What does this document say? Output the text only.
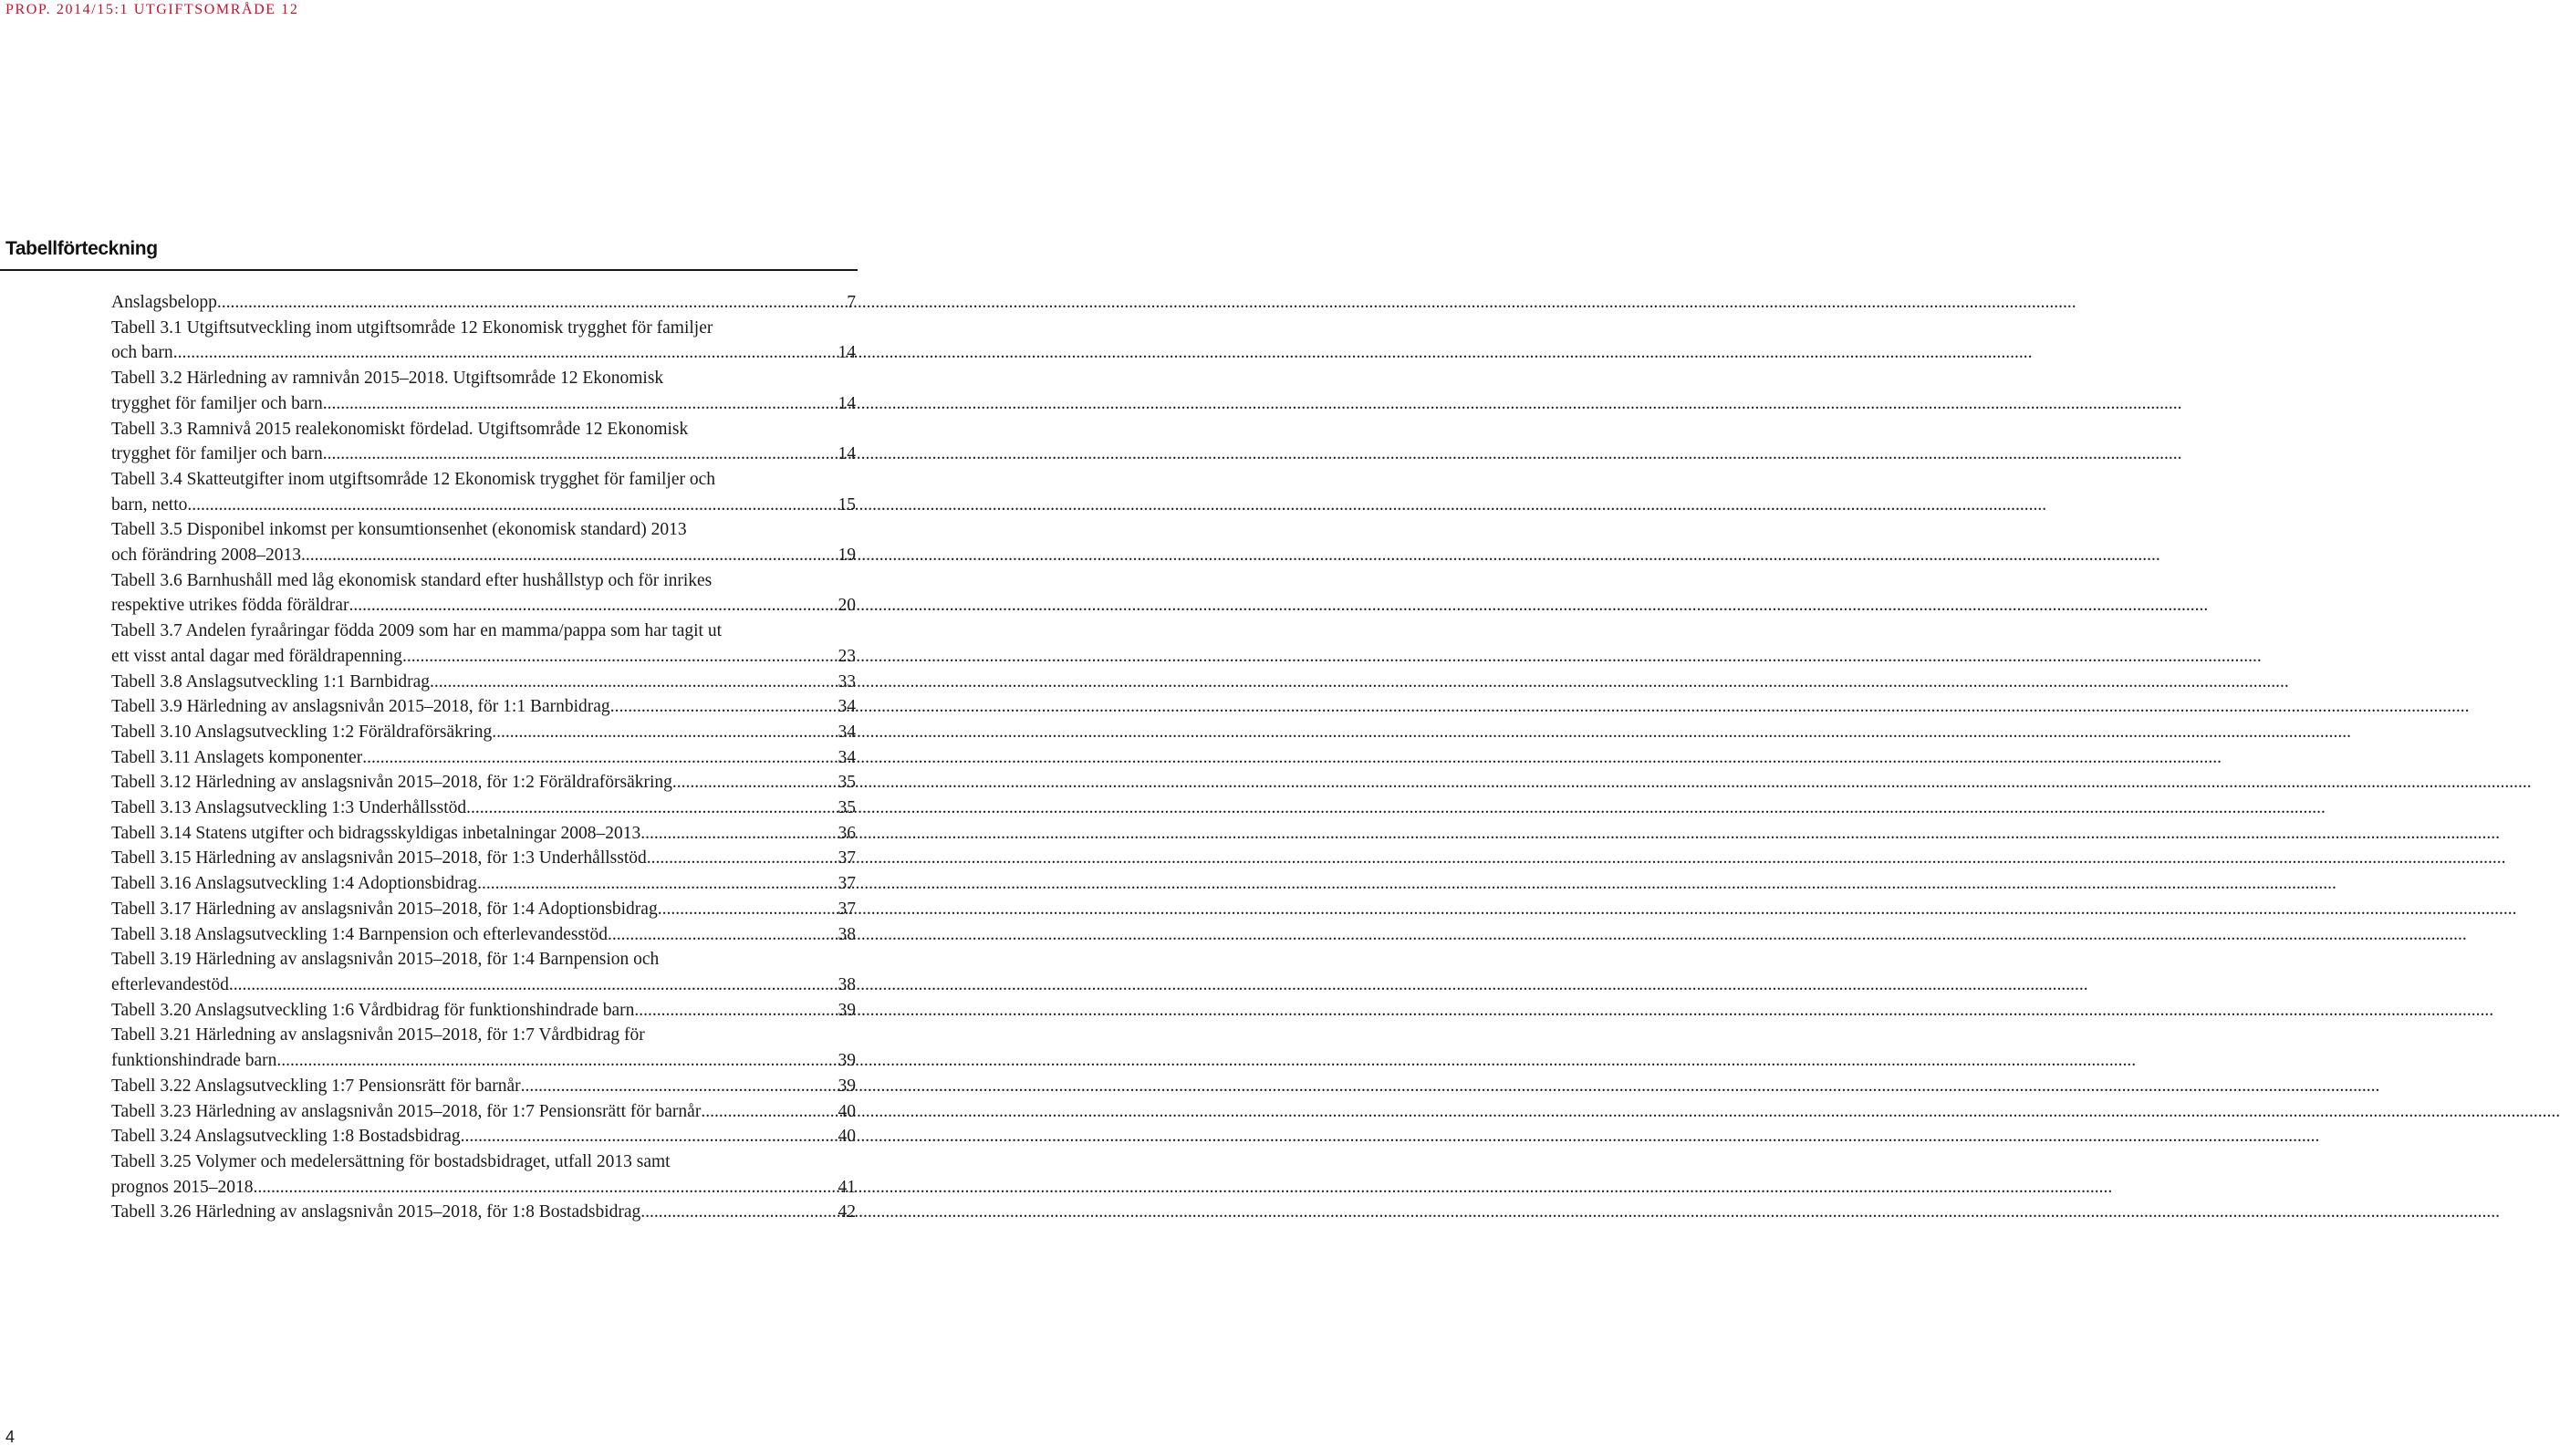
PROP. 2014/15:1 UTGIFTSOMRÅDE 12
Tabellförteckning
Anslagsbelopp .....	7
Tabell 3.1 Utgiftsutveckling inom utgiftsområde 12 Ekonomisk trygghet för familjer
och barn .....	14
Tabell 3.2 Härledning av ramnivån 2015–2018. Utgiftsområde 12 Ekonomisk
trygghet för familjer och barn .....	14
Tabell 3.3 Ramnivå 2015 realekonomiskt fördelad. Utgiftsområde 12 Ekonomisk
trygghet för familjer och barn .....	14
Tabell 3.4 Skatteutgifter inom utgiftsområde 12 Ekonomisk trygghet för familjer och
barn, netto .....	15
Tabell 3.5 Disponibel inkomst per konsumtionsenhet (ekonomisk standard) 2013
och förändring 2008–2013 .....	19
Tabell 3.6 Barnhushåll med låg ekonomisk standard efter hushållstyp och för inrikes
respektive utrikes födda föräldrar .....	20
Tabell 3.7 Andelen fyraåringar födda 2009 som har en mamma/pappa som har tagit ut
ett visst antal dagar med föräldrapenning .....	23
Tabell 3.8 Anslagsutveckling 1:1 Barnbidrag .....	33
Tabell 3.9 Härledning av anslagsnivån 2015–2018, för 1:1 Barnbidrag .....	34
Tabell 3.10 Anslagsutveckling 1:2 Föräldraförsäkring .....	34
Tabell 3.11 Anslagets komponenter .....	34
Tabell 3.12 Härledning av anslagsnivån 2015–2018, för 1:2 Föräldraförsäkring .....	35
Tabell 3.13 Anslagsutveckling 1:3 Underhållsstöd .....	35
Tabell 3.14 Statens utgifter och bidragsskyldigas inbetalningar 2008–2013 .....	36
Tabell 3.15 Härledning av anslagsnivån 2015–2018, för 1:3 Underhållsstöd .....	37
Tabell 3.16 Anslagsutveckling 1:4 Adoptionsbidrag .....	37
Tabell 3.17 Härledning av anslagsnivån 2015–2018, för 1:4 Adoptionsbidrag .....	37
Tabell 3.18 Anslagsutveckling 1:4 Barnpension och efterlevandesstöd .....	38
Tabell 3.19 Härledning av anslagsnivån 2015–2018, för 1:4 Barnpension och
efterlevandestöd .....	38
Tabell 3.20 Anslagsutveckling 1:6 Vårdbidrag för funktionshindrade barn .....	39
Tabell 3.21 Härledning av anslagsnivån 2015–2018, för 1:7 Vårdbidrag för
funktionshindrade barn .....	39
Tabell 3.22 Anslagsutveckling 1:7 Pensionsrätt för barnår .....	39
Tabell 3.23 Härledning av anslagsnivån 2015–2018, för 1:7 Pensionsrätt för barnår .....	40
Tabell 3.24 Anslagsutveckling 1:8 Bostadsbidrag .....	40
Tabell 3.25 Volymer och medelersättning för bostadsbidraget, utfall 2013 samt
prognos 2015–2018 .....	41
Tabell 3.26 Härledning av anslagsnivån 2015–2018, för 1:8 Bostadsbidrag .....	42
4
